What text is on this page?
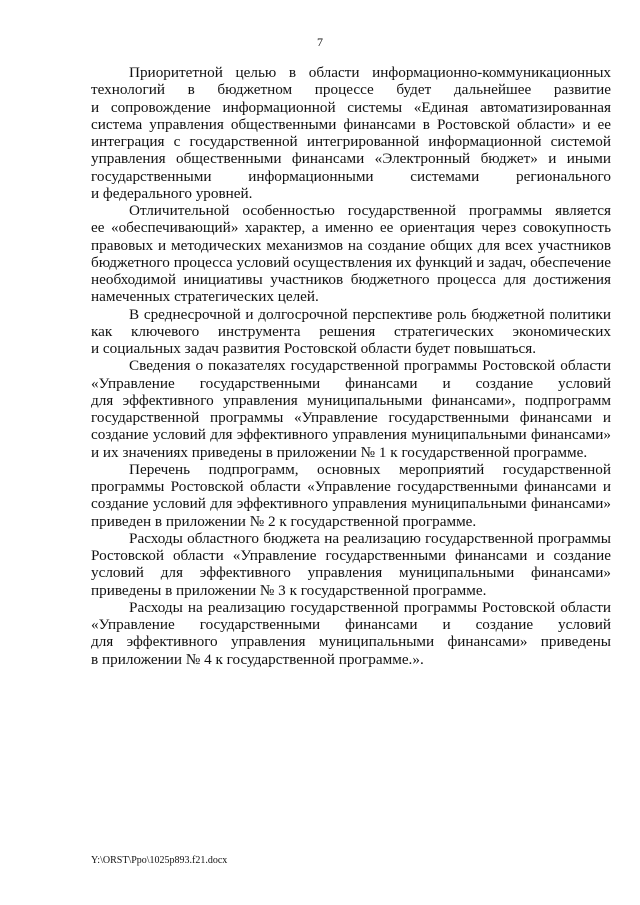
7
Приоритетной целью в области информационно-коммуникационных
технологий в бюджетном процессе будет дальнейшее развитие
и сопровождение информационной системы «Единая автоматизированная
система управления общественными финансами в Ростовской области» и ее
интеграция с государственной интегрированной информационной системой
управления общественными финансами «Электронный бюджет» и иными
государственными информационными системами регионального
и федерального уровней.
Отличительной особенностью государственной программы является
ее «обеспечивающий» характер, а именно ее ориентация через совокупность
правовых и методических механизмов на создание общих для всех участников
бюджетного процесса условий осуществления их функций и задач, обеспечение
необходимой инициативы участников бюджетного процесса для достижения
намеченных стратегических целей.
В среднесрочной и долгосрочной перспективе роль бюджетной политики
как ключевого инструмента решения стратегических экономических
и социальных задач развития Ростовской области будет повышаться.
Сведения о показателях государственной программы Ростовской области
«Управление государственными финансами и создание условий
для эффективного управления муниципальными финансами», подпрограмм
государственной программы «Управление государственными финансами и
создание условий для эффективного управления муниципальными финансами»
и их значениях приведены в приложении № 1 к государственной программе.
Перечень подпрограмм, основных мероприятий государственной
программы Ростовской области «Управление государственными финансами и
создание условий для эффективного управления муниципальными финансами»
приведен в приложении № 2 к государственной программе.
Расходы областного бюджета на реализацию государственной программы
Ростовской области «Управление государственными финансами и создание
условий для эффективного управления муниципальными финансами»
приведены в приложении № 3 к государственной программе.
Расходы на реализацию государственной программы Ростовской области
«Управление государственными финансами и создание условий
для эффективного управления муниципальными финансами» приведены
в приложении № 4 к государственной программе.».
Y:\ORST\Ppo\1025p893.f21.docx
